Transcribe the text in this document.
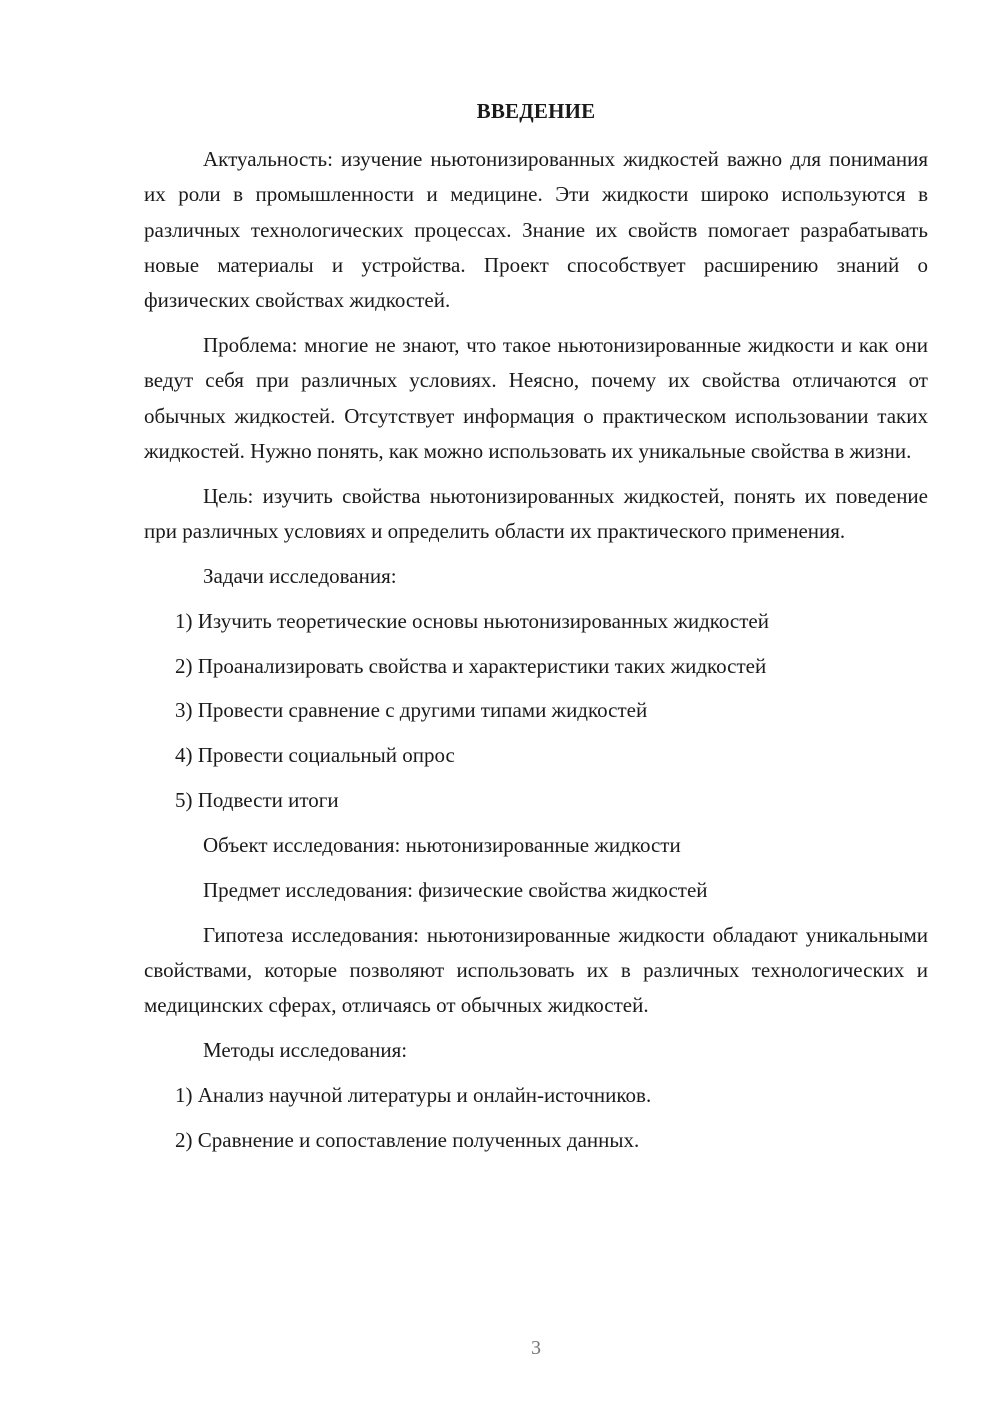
ВВЕДЕНИЕ

Актуальность: изучение ньютонизированных жидкостей важно для понимания их роли в промышленности и медицине. Эти жидкости широко используются в различных технологических процессах. Знание их свойств помогает разрабатывать новые материалы и устройства. Проект способствует расширению знаний о физических свойствах жидкостей.

Проблема: многие не знают, что такое ньютонизированные жидкости и как они ведут себя при различных условиях. Неясно, почему их свойства отличаются от обычных жидкостей. Отсутствует информация о практическом использовании таких жидкостей. Нужно понять, как можно использовать их уникальные свойства в жизни.

Цель: изучить свойства ньютонизированных жидкостей, понять их поведение при различных условиях и определить области их практического применения.

Задачи исследования:

1) Изучить теоретические основы ньютонизированных жидкостей

2) Проанализировать свойства и характеристики таких жидкостей

3) Провести сравнение с другими типами жидкостей

4) Провести социальный опрос

5) Подвести итоги

Объект исследования: ньютонизированные жидкости

Предмет исследования: физические свойства жидкостей

Гипотеза исследования: ньютонизированные жидкости обладают уникальными свойствами, которые позволяют использовать их в различных технологических и медицинских сферах, отличаясь от обычных жидкостей.

Методы исследования:

1) Анализ научной литературы и онлайн-источников.

2) Сравнение и сопоставление полученных данных.

3
